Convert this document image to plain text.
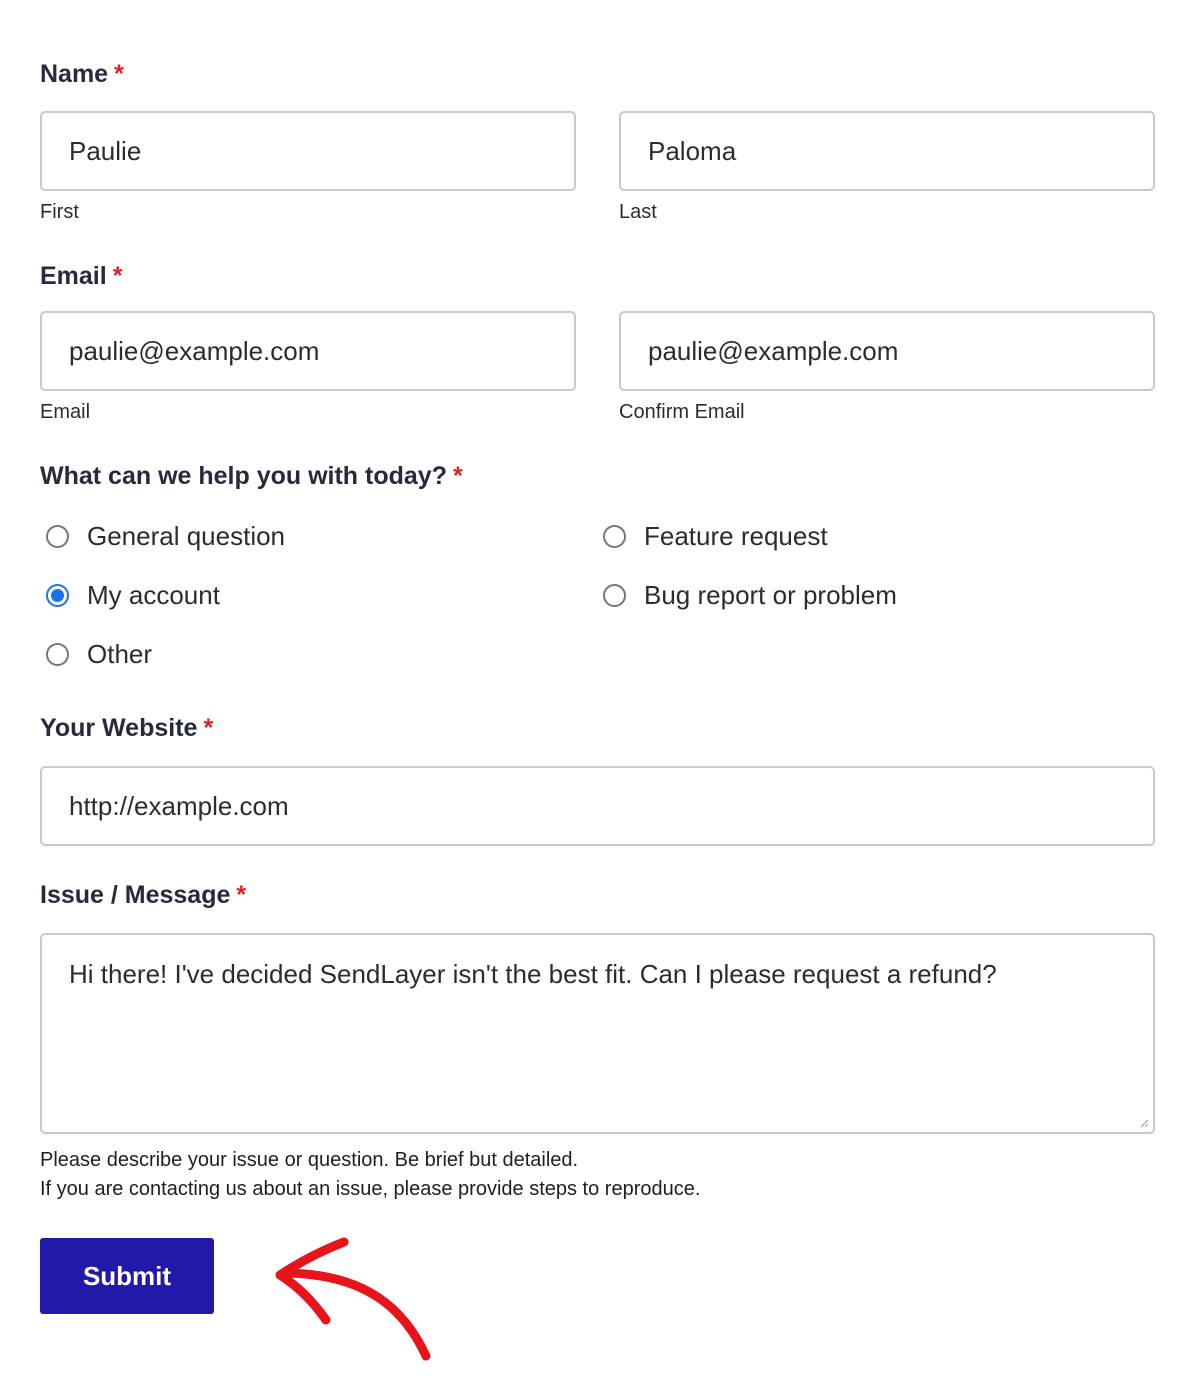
Name *
Paulie
First
Paloma
Last
Email *
paulie@example.com
Email
paulie@example.com
Confirm Email
What can we help you with today? *
General question	Feature request
My account	Bug report or problem
Other
Your Website *
http://example.com
Issue / Message *
Hi there! I've decided SendLayer isn't the best fit. Can I please request a refund?
Please describe your issue or question. Be brief but detailed.
If you are contacting us about an issue, please provide steps to reproduce.
Submit
